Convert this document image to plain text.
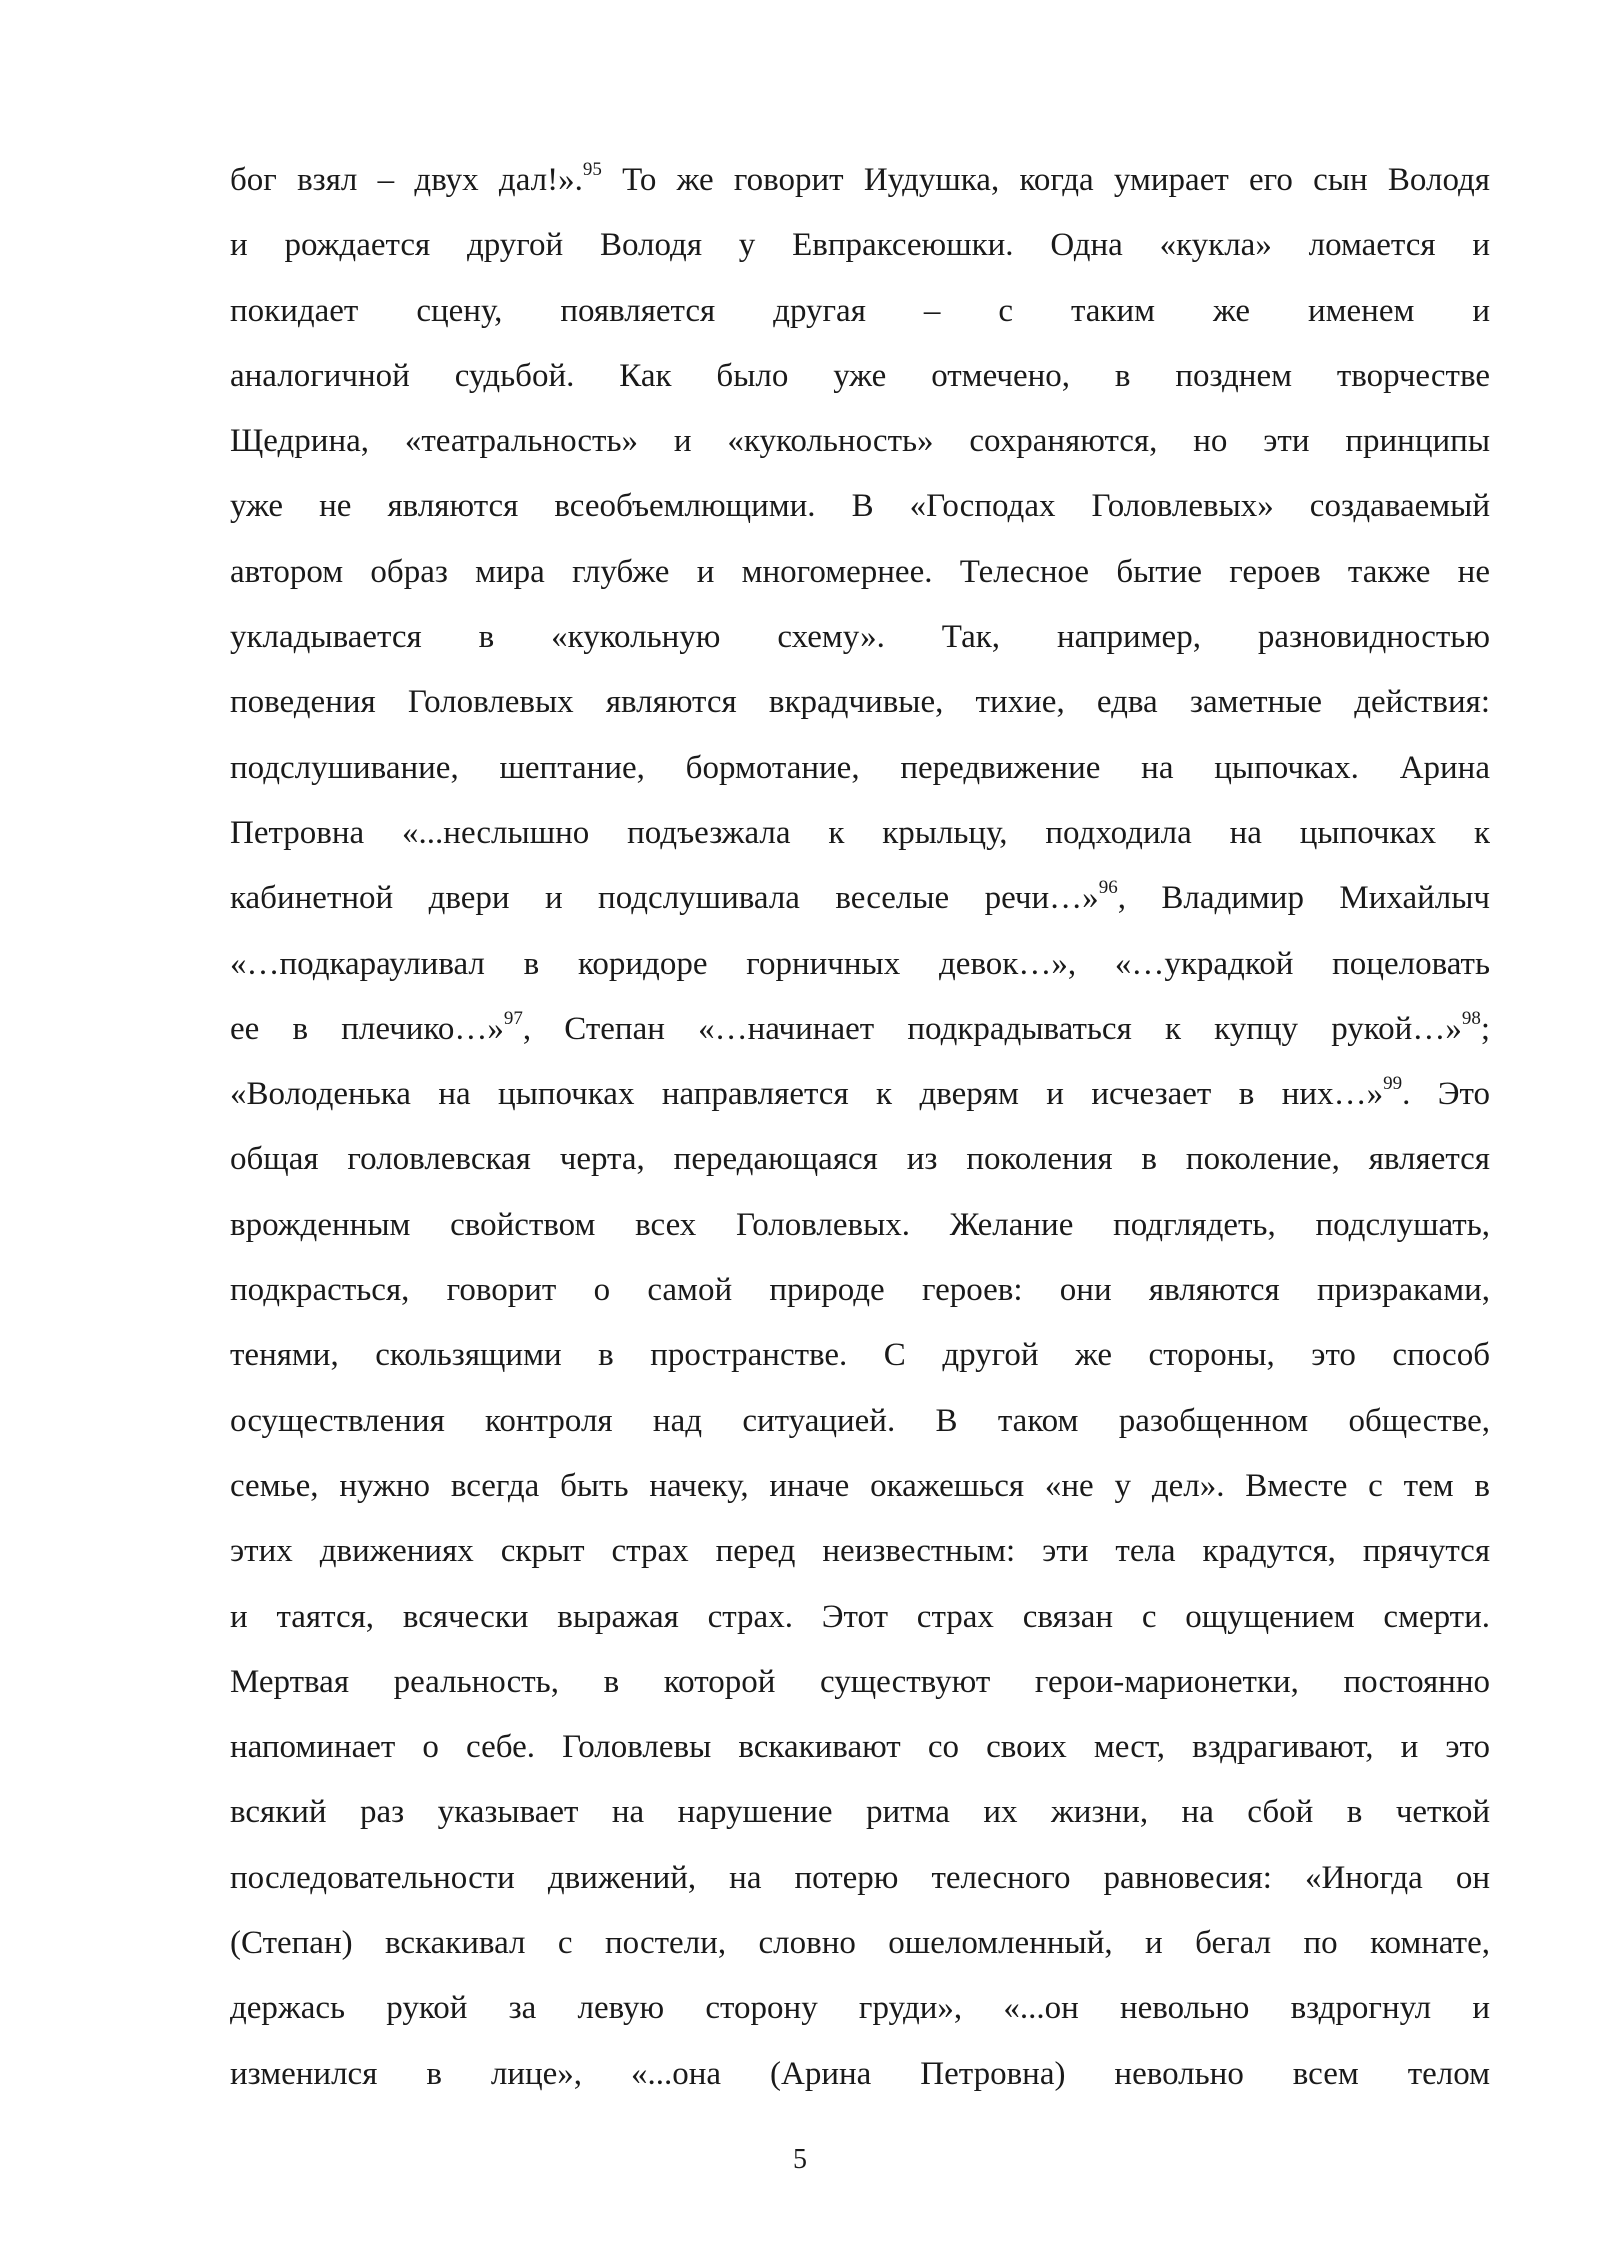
бог взял – двух дал!».$^{95}$ То же говорит Иудушка, когда умирает его сын Володя
и рождается другой Володя у Евпраксеюшки. Одна «кукла» ломается и
покидает сцену, появляется другая – с таким же именем и
аналогичной судьбой. Как было уже отмечено, в позднем творчестве
Щедрина, «театральность» и «кукольность» сохраняются, но эти принципы
уже не являются всеобъемлющими. В «Господах Головлевых» создаваемый
автором образ мира глубже и многомернее. Телесное бытие героев также не
укладывается в «кукольную схему». Так, например, разновидностью
поведения Головлевых являются вкрадчивые, тихие, едва заметные действия:
подслушивание, шептание, бормотание, передвижение на цыпочках. Арина
Петровна «...неслышно подъезжала к крыльцу, подходила на цыпочках к
кабинетной двери и подслушивала веселые речи…»$^{96}$, Владимир Михайлыч
«…подкарауливал в коридоре горничных девок…», «…украдкой поцеловать
ее в плечико…»$^{97}$, Степан «…начинает подкрадываться к купцу рукой…»$^{98}$;
«Володенька на цыпочках направляется к дверям и исчезает в них…»$^{99}$. Это
общая головлевская черта, передающаяся из поколения в поколение, является
врожденным свойством всех Головлевых. Желание подглядеть, подслушать,
подкрасться, говорит о самой природе героев: они являются призраками,
тенями, скользящими в пространстве. С другой же стороны, это способ
осуществления контроля над ситуацией. В таком разобщенном обществе,
семье, нужно всегда быть начеку, иначе окажешься «не у дел». Вместе с тем в
этих движениях скрыт страх перед неизвестным: эти тела крадутся, прячутся
и таятся, всячески выражая страх. Этот страх связан с ощущением смерти.
Мертвая реальность, в которой существуют герои-марионетки, постоянно
напоминает о себе. Головлевы вскакивают со своих мест, вздрагивают, и это
всякий раз указывает на нарушение ритма их жизни, на сбой в четкой
последовательности движений, на потерю телесного равновесия: «Иногда он
(Степан) вскакивал с постели, словно ошеломленный, и бегал по комнате,
держась рукой за левую сторону груди», «...он невольно вздрогнул и
изменился в лице», «...она (Арина Петровна) невольно всем телом
5
